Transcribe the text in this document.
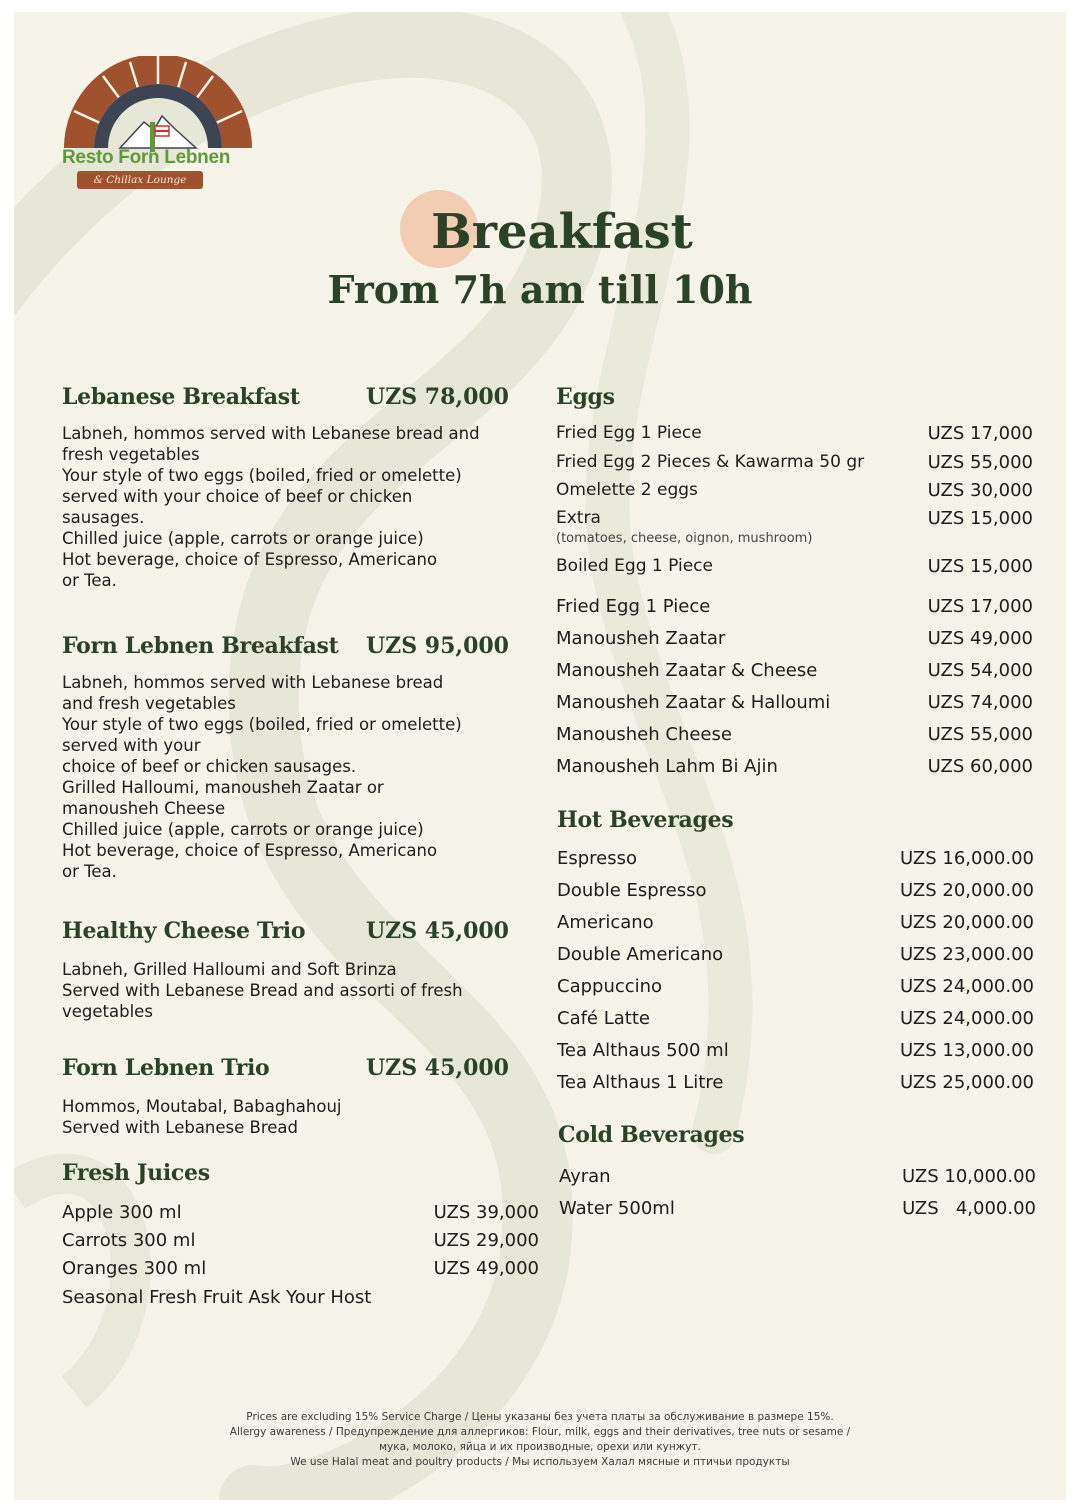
Resto Forn Lebnen
& Chillax Lounge
Breakfast
From 7h am till 10h
Lebanese Breakfast	UZS 78,000
Labneh, hommos served with Lebanese bread and
fresh vegetables
Your style of two eggs (boiled, fried or omelette)
served with your choice of beef or chicken
sausages.
Chilled juice (apple, carrots or orange juice)
Hot beverage, choice of Espresso, Americano
or Tea.
Forn Lebnen Breakfast	UZS 95,000
Labneh, hommos served with Lebanese bread
and fresh vegetables
Your style of two eggs (boiled, fried or omelette)
served with your
choice of beef or chicken sausages.
Grilled Halloumi, manousheh Zaatar or
manousheh Cheese
Chilled juice (apple, carrots or orange juice)
Hot beverage, choice of Espresso, Americano
or Tea.
Healthy Cheese Trio	UZS 45,000
Labneh, Grilled Halloumi and Soft Brinza
Served with Lebanese Bread and assorti of fresh
vegetables
Forn Lebnen Trio	UZS 45,000
Hommos, Moutabal, Babaghahouj
Served with Lebanese Bread
Fresh Juices
Apple 300 ml	UZS 39,000
Carrots 300 ml	UZS 29,000
Oranges 300 ml	UZS 49,000
Seasonal Fresh Fruit Ask Your Host
Eggs
Fried Egg 1 Piece	UZS 17,000
Fried Egg 2 Pieces & Kawarma 50 gr	UZS 55,000
Omelette 2 eggs	UZS 30,000
Extra	UZS 15,000
(tomatoes, cheese, oignon, mushroom)
Boiled Egg 1 Piece	UZS 15,000
Fried Egg 1 Piece	UZS 17,000
Manousheh Zaatar	UZS 49,000
Manousheh Zaatar & Cheese	UZS 54,000
Manousheh Zaatar & Halloumi	UZS 74,000
Manousheh Cheese	UZS 55,000
Manousheh Lahm Bi Ajin	UZS 60,000
Hot Beverages
Espresso	UZS 16,000.00
Double Espresso	UZS 20,000.00
Americano	UZS 20,000.00
Double Americano	UZS 23,000.00
Cappuccino	UZS 24,000.00
Café Latte	UZS 24,000.00
Tea Althaus 500 ml	UZS 13,000.00
Tea Althaus 1 Litre	UZS 25,000.00
Cold Beverages
Ayran	UZS 10,000.00
Water 500ml	UZS   4,000.00
Prices are excluding 15% Service Charge / Цены указаны без учета платы за обслуживание в размере 15%.
Allergy awareness / Предупреждение для аллергиков: Flour, milk, eggs and their derivatives, tree nuts or sesame /
мука, молоко, яйца и их производные, орехи или кунжут.
We use Halal meat and poultry products / Мы используем Халал мясные и птичьи продукты
